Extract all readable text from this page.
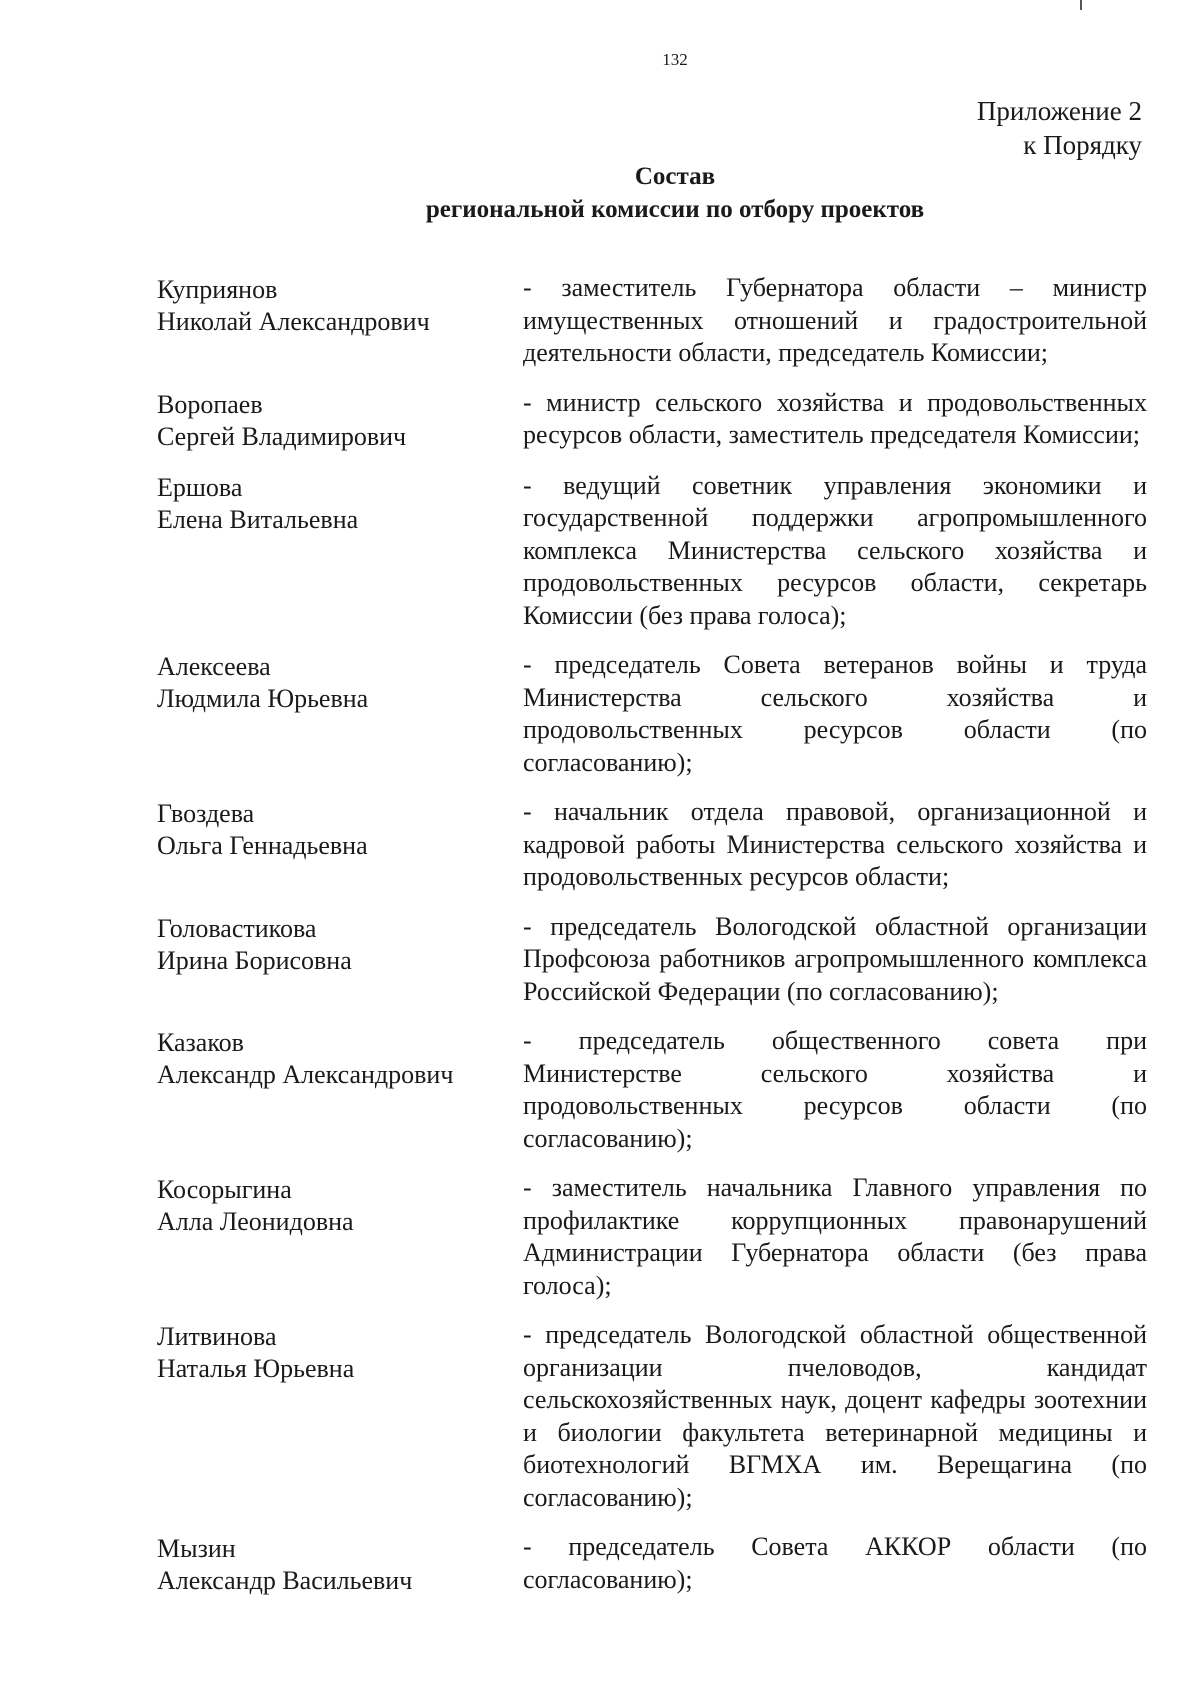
132
Приложение 2
к Порядку
Состав
региональной комиссии по отбору проектов
Куприянов
Николай Александрович
- заместитель Губернатора области – министр имущественных отношений и градостроительной деятельности области, председатель Комиссии;
Воропаев
Сергей Владимирович
- министр сельского хозяйства и продовольственных ресурсов области, заместитель председателя Комиссии;
Ершова
Елена Витальевна
- ведущий советник управления экономики и государственной поддержки агропромышленного комплекса Министерства сельского хозяйства и продовольственных ресурсов области, секретарь Комиссии (без права голоса);
Алексеева
Людмила Юрьевна
- председатель Совета ветеранов войны и труда Министерства сельского хозяйства и продовольственных ресурсов области (по согласованию);
Гвоздева
Ольга Геннадьевна
- начальник отдела правовой, организационной и кадровой работы Министерства сельского хозяйства и продовольственных ресурсов области;
Головастикова
Ирина Борисовна
- председатель Вологодской областной организации Профсоюза работников агропромышленного комплекса Российской Федерации (по согласованию);
Казаков
Александр Александрович
- председатель общественного совета при Министерстве сельского хозяйства и продовольственных ресурсов области (по согласованию);
Косорыгина
Алла Леонидовна
- заместитель начальника Главного управления по профилактике коррупционных правонарушений Администрации Губернатора области (без права голоса);
Литвинова
Наталья Юрьевна
- председатель Вологодской областной общественной организации пчеловодов, кандидат сельскохозяйственных наук, доцент кафедры зоотехнии и биологии факультета ветеринарной медицины и биотехнологий ВГМХА им. Верещагина (по согласованию);
Мызин
Александр Васильевич
- председатель Совета АККОР области (по согласованию);
